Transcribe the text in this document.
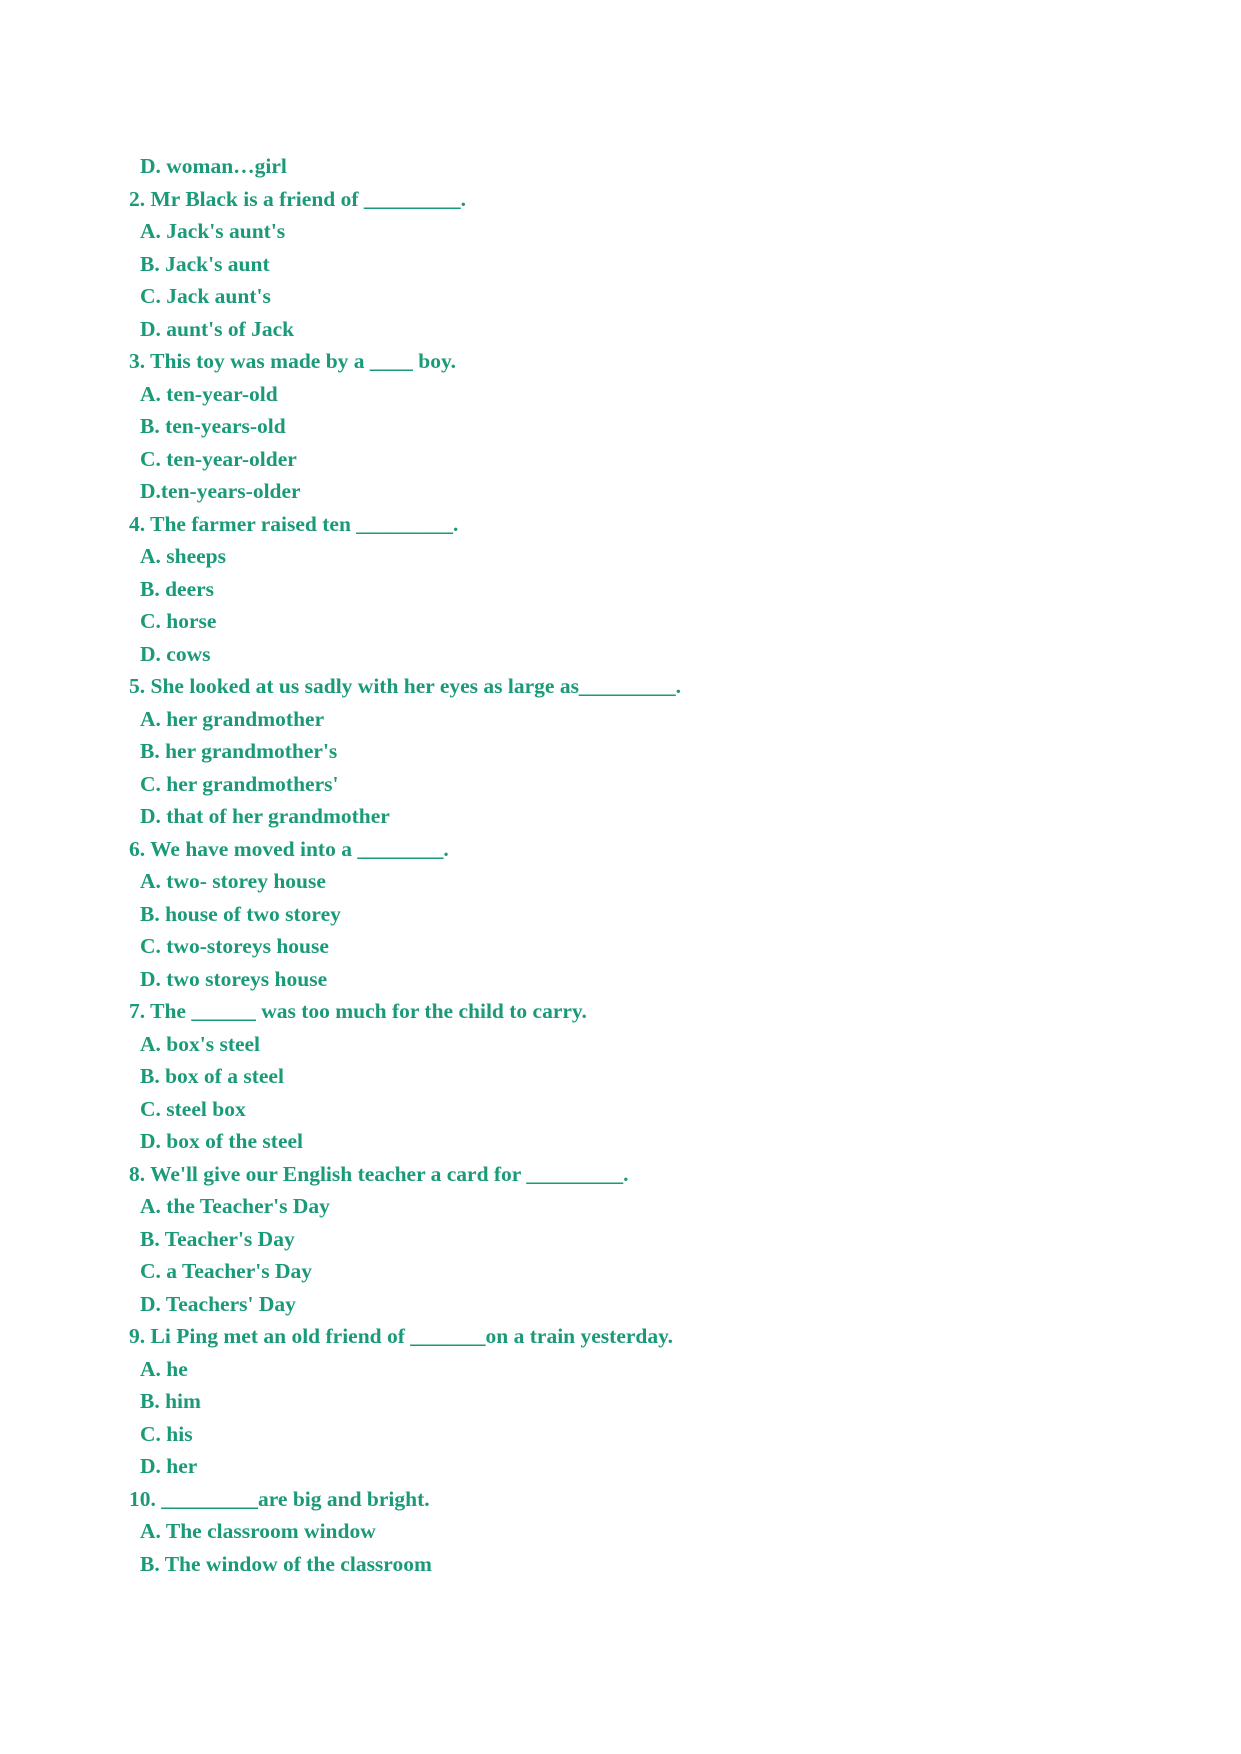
D. woman…girl

2. Mr Black is a friend of _________.

A. Jack's aunt's

B. Jack's aunt

C. Jack aunt's

D. aunt's of Jack

3. This toy was made by a ____ boy.

A. ten-year-old

B. ten-years-old

C. ten-year-older

D.ten-years-older

4. The farmer raised ten _________.

A. sheeps

B. deers

C. horse

D. cows

5. She looked at us sadly with her eyes as large as_________.

A. her grandmother

B. her grandmother's

C. her grandmothers'

D. that of her grandmother

6. We have moved into a ________.

A. two- storey house

B. house of two storey

C. two-storeys house

D. two storeys house

7. The ______ was too much for the child to carry.

A. box's steel

B. box of a steel

C. steel box

D. box of the steel

8. We'll give our English teacher a card for _________.

A. the Teacher's Day

B. Teacher's Day

C. a Teacher's Day

D. Teachers' Day

9. Li Ping met an old friend of _______on a train yesterday.

A. he

B. him

C. his

D. her

10. _________are big and bright.

A. The classroom window

B. The window of the classroom
